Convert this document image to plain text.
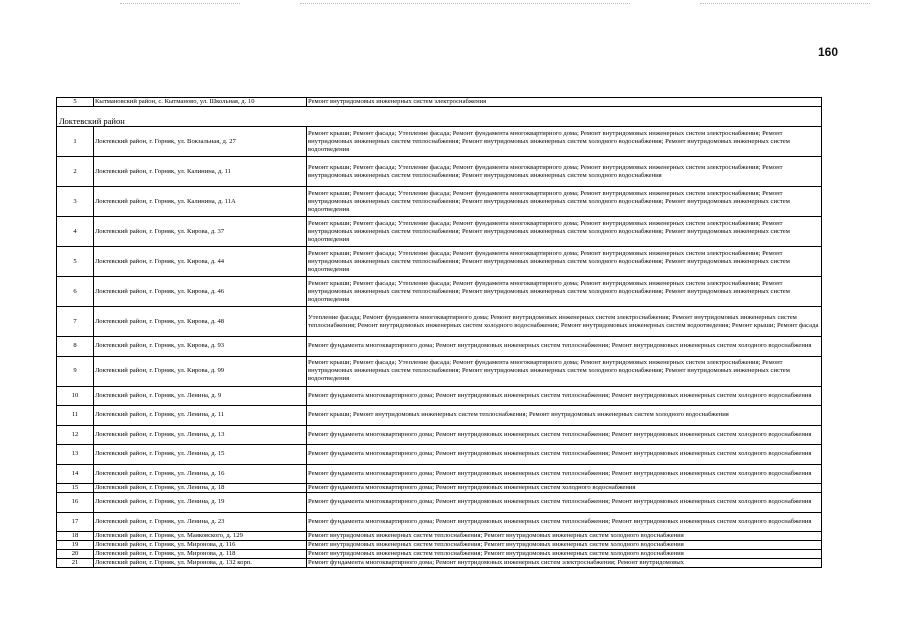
160
5	Кытмановский район, с. Кытманово, ул. Школьная, д. 10	Ремонт внутридомовых инженерных систем электроснабжения

Локтевский район		
1	Локтевский район, г. Горняк, ул. Вокзальная, д. 27	Ремонт крыши; Ремонт фасада; Утепление фасада; Ремонт фундамента многоквартирного дома; Ремонт внутридомовых инженерных систем электроснабжения; Ремонт внутридомовых инженерных систем теплоснабжения; Ремонт внутридомовых инженерных систем холодного водоснабжения; Ремонт внутридомовых инженерных систем водоотведения
2	Локтевский район, г. Горняк, ул. Калинина, д. 11	Ремонт крыши; Ремонт фасада; Утепление фасада; Ремонт фундамента многоквартирного дома; Ремонт внутридомовых инженерных систем электроснабжения; Ремонт внутридомовых инженерных систем теплоснабжения; Ремонт внутридомовых инженерных систем холодного водоснабжения
3	Локтевский район, г. Горняк, ул. Калинина, д. 11А	Ремонт крыши; Ремонт фасада; Утепление фасада; Ремонт фундамента многоквартирного дома; Ремонт внутридомовых инженерных систем электроснабжения; Ремонт внутридомовых инженерных систем теплоснабжения; Ремонт внутридомовых инженерных систем холодного водоснабжения; Ремонт внутридомовых инженерных систем водоотведения
4	Локтевский район, г. Горняк, ул. Кирова, д. 37	Ремонт крыши; Ремонт фасада; Утепление фасада; Ремонт фундамента многоквартирного дома; Ремонт внутридомовых инженерных систем электроснабжения; Ремонт внутридомовых инженерных систем теплоснабжения; Ремонт внутридомовых инженерных систем холодного водоснабжения; Ремонт внутридомовых инженерных систем водоотведения
5	Локтевский район, г. Горняк, ул. Кирова, д. 44	Ремонт крыши; Ремонт фасада; Утепление фасада; Ремонт фундамента многоквартирного дома; Ремонт внутридомовых инженерных систем электроснабжения; Ремонт внутридомовых инженерных систем теплоснабжения; Ремонт внутридомовых инженерных систем холодного водоснабжения; Ремонт внутридомовых инженерных систем водоотведения
6	Локтевский район, г. Горняк, ул. Кирова, д. 46	Ремонт крыши; Ремонт фасада; Утепление фасада; Ремонт фундамента многоквартирного дома; Ремонт внутридомовых инженерных систем электроснабжения; Ремонт внутридомовых инженерных систем теплоснабжения; Ремонт внутридомовых инженерных систем холодного водоснабжения; Ремонт внутридомовых инженерных систем водоотведения
7	Локтевский район, г. Горняк, ул. Кирова, д. 48	Утепление фасада; Ремонт фундамента многоквартирного дома; Ремонт внутридомовых инженерных систем электроснабжения; Ремонт внутридомовых инженерных систем теплоснабжения; Ремонт внутридомовых инженерных систем холодного водоснабжения; Ремонт внутридомовых инженерных систем водоотведения; Ремонт крыши; Ремонт фасада
8	Локтевский район, г. Горняк, ул. Кирова, д. 93	Ремонт фундамента многоквартирного дома; Ремонт внутридомовых инженерных систем теплоснабжения; Ремонт внутридомовых инженерных систем холодного водоснабжения
9	Локтевский район, г. Горняк, ул. Кирова, д. 99	Ремонт крыши; Ремонт фасада; Утепление фасада; Ремонт фундамента многоквартирного дома; Ремонт внутридомовых инженерных систем электроснабжения; Ремонт внутридомовых инженерных систем теплоснабжения; Ремонт внутридомовых инженерных систем холодного водоснабжения; Ремонт внутридомовых инженерных систем водоотведения
10	Локтевский район, г. Горняк, ул. Ленина, д. 9	Ремонт фундамента многоквартирного дома; Ремонт внутридомовых инженерных систем теплоснабжения; Ремонт внутридомовых инженерных систем холодного водоснабжения
11	Локтевский район, г. Горняк, ул. Ленина, д. 11	Ремонт крыши; Ремонт внутридомовых инженерных систем теплоснабжения; Ремонт внутридомовых инженерных систем холодного водоснабжения
12	Локтевский район, г. Горняк, ул. Ленина, д. 13	Ремонт фундамента многоквартирного дома; Ремонт внутридомовых инженерных систем теплоснабжения; Ремонт внутридомовых инженерных систем холодного водоснабжения
13	Локтевский район, г. Горняк, ул. Ленина, д. 15	Ремонт фундамента многоквартирного дома; Ремонт внутридомовых инженерных систем теплоснабжения; Ремонт внутридомовых инженерных систем холодного водоснабжения
14	Локтевский район, г. Горняк, ул. Ленина, д. 16	Ремонт фундамента многоквартирного дома; Ремонт внутридомовых инженерных систем теплоснабжения; Ремонт внутридомовых инженерных систем холодного водоснабжения
15	Локтевский район, г. Горняк, ул. Ленина, д. 18	Ремонт фундамента многоквартирного дома; Ремонт внутридомовых инженерных систем холодного водоснабжения
16	Локтевский район, г. Горняк, ул. Ленина, д. 19	Ремонт фундамента многоквартирного дома; Ремонт внутридомовых инженерных систем теплоснабжения; Ремонт внутридомовых инженерных систем холодного водоснабжения
17	Локтевский район, г. Горняк, ул. Ленина, д. 23	Ремонт фундамента многоквартирного дома; Ремонт внутридомовых инженерных систем теплоснабжения; Ремонт внутридомовых инженерных систем холодного водоснабжения
18	Локтевский район, г. Горняк, ул. Маяковского, д. 129	Ремонт внутридомовых инженерных систем теплоснабжения; Ремонт внутридомовых инженерных систем холодного водоснабжения
19	Локтевский район, г. Горняк, ул. Миронова, д. 116	Ремонт внутридомовых инженерных систем теплоснабжения; Ремонт внутридомовых инженерных систем холодного водоснабжения
20	Локтевский район, г. Горняк, ул. Миронова, д. 118	Ремонт внутридомовых инженерных систем теплоснабжения; Ремонт внутридомовых инженерных систем холодного водоснабжения
21	Локтевский район, г. Горняк, ул. Миронова, д. 132 корп.	Ремонт фундамента многоквартирного дома; Ремонт внутридомовых инженерных систем электроснабжения; Ремонт внутридомовых
